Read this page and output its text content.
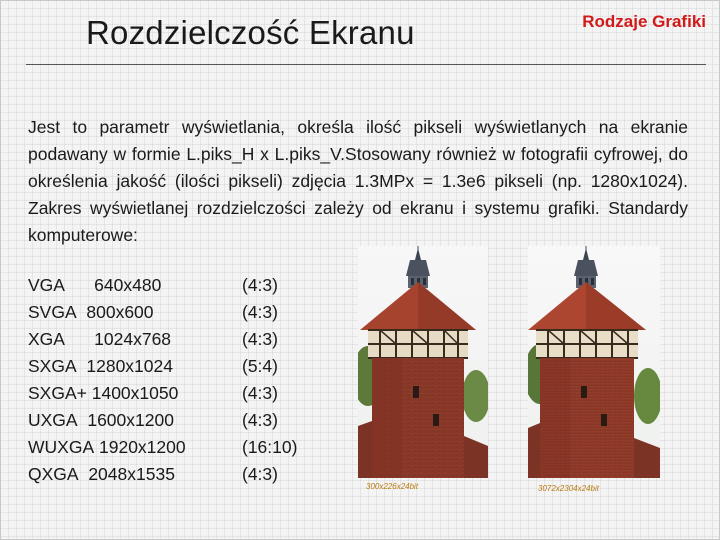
Rozdzielczość Ekranu	Rodzaje Grafiki
Jest to parametr wyświetlania, określa ilość pikseli wyświetlanych na ekranie podawany w formie L.piks_H x L.piks_V.Stosowany również w fotografii cyfrowej, do określenia jakość (ilości pikseli) zdjęcia 1.3MPx = 1.3e6 pikseli (np. 1280x1024). Zakres wyświetlanej rozdzielczości zależy od ekranu i systemu grafiki. Standardy komputerowe:
VGA 640x480	(4:3)
SVGA 800x600	(4:3)
XGA 1024x768	(4:3)
SXGA 1280x1024	(5:4)
SXGA+ 1400x1050	(4:3)
UXGA 1600x1200	(4:3)
WUXGA 1920x1200	(16:10)
QXGA 2048x1535	(4:3)
300x226x24bit	3072x2304x24bit
